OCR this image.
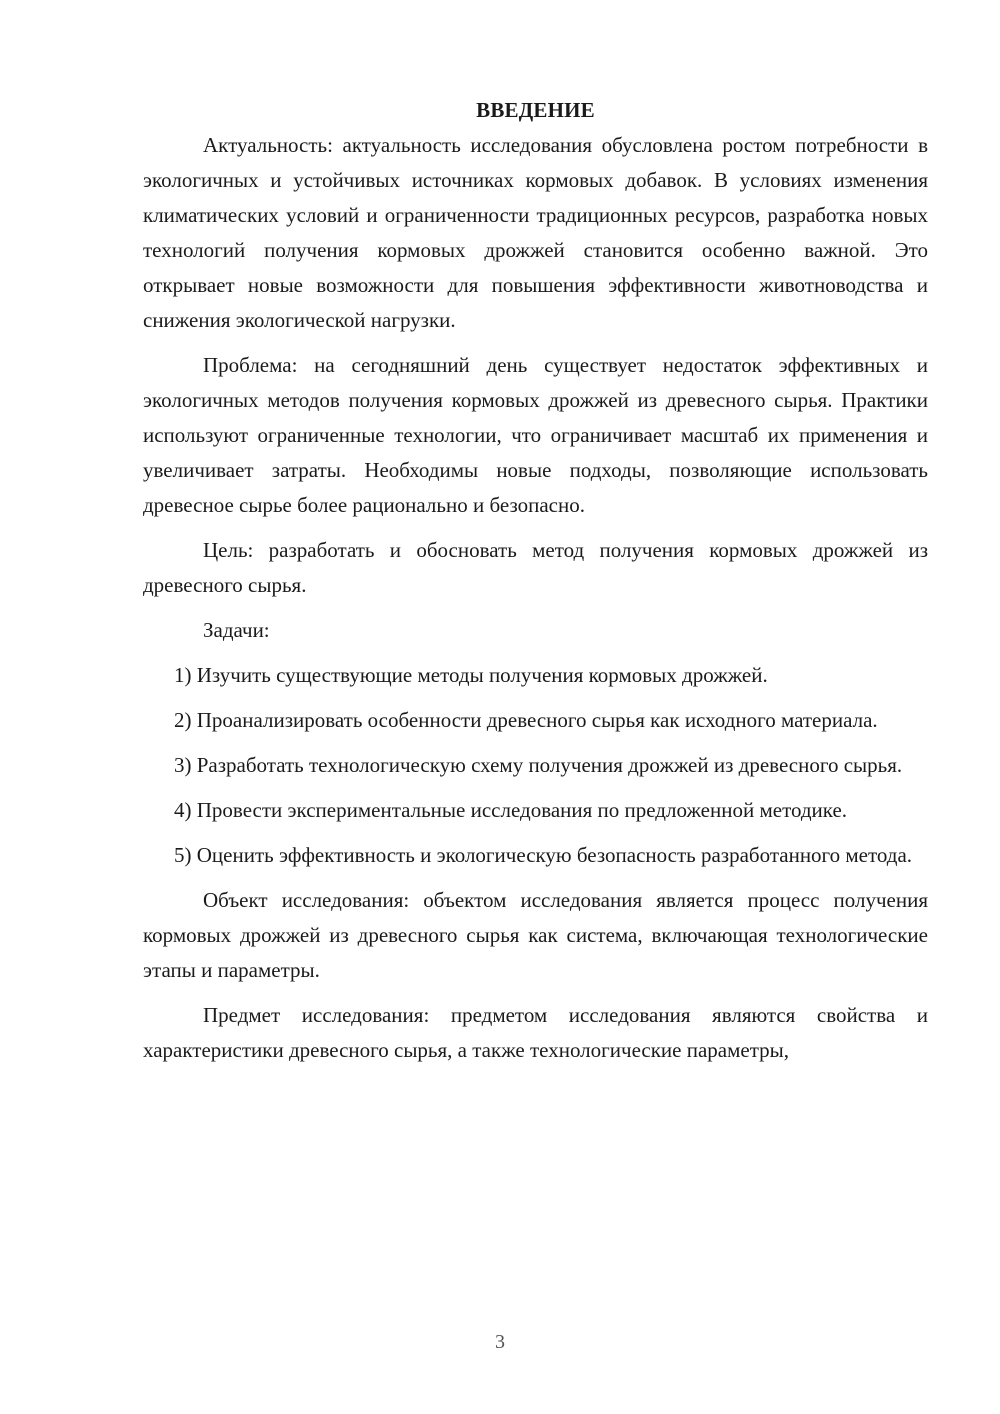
ВВЕДЕНИЕ

Актуальность: актуальность исследования обусловлена ростом потребности в экологичных и устойчивых источниках кормовых добавок. В условиях изменения климатических условий и ограниченности традиционных ресурсов, разработка новых технологий получения кормовых дрожжей становится особенно важной. Это открывает новые возможности для повышения эффективности животноводства и снижения экологической нагрузки.

Проблема: на сегодняшний день существует недостаток эффективных и экологичных методов получения кормовых дрожжей из древесного сырья. Практики используют ограниченные технологии, что ограничивает масштаб их применения и увеличивает затраты. Необходимы новые подходы, позволяющие использовать древесное сырье более рационально и безопасно.

Цель: разработать и обосновать метод получения кормовых дрожжей из древесного сырья.

Задачи:

1) Изучить существующие методы получения кормовых дрожжей.

2) Проанализировать особенности древесного сырья как исходного материала.

3) Разработать технологическую схему получения дрожжей из древесного сырья.

4) Провести экспериментальные исследования по предложенной методике.

5) Оценить эффективность и экологическую безопасность разработанного метода.

Объект исследования: объектом исследования является процесс получения кормовых дрожжей из древесного сырья как система, включающая технологические этапы и параметры.

Предмет исследования: предметом исследования являются свойства и характеристики древесного сырья, а также технологические параметры,

3
